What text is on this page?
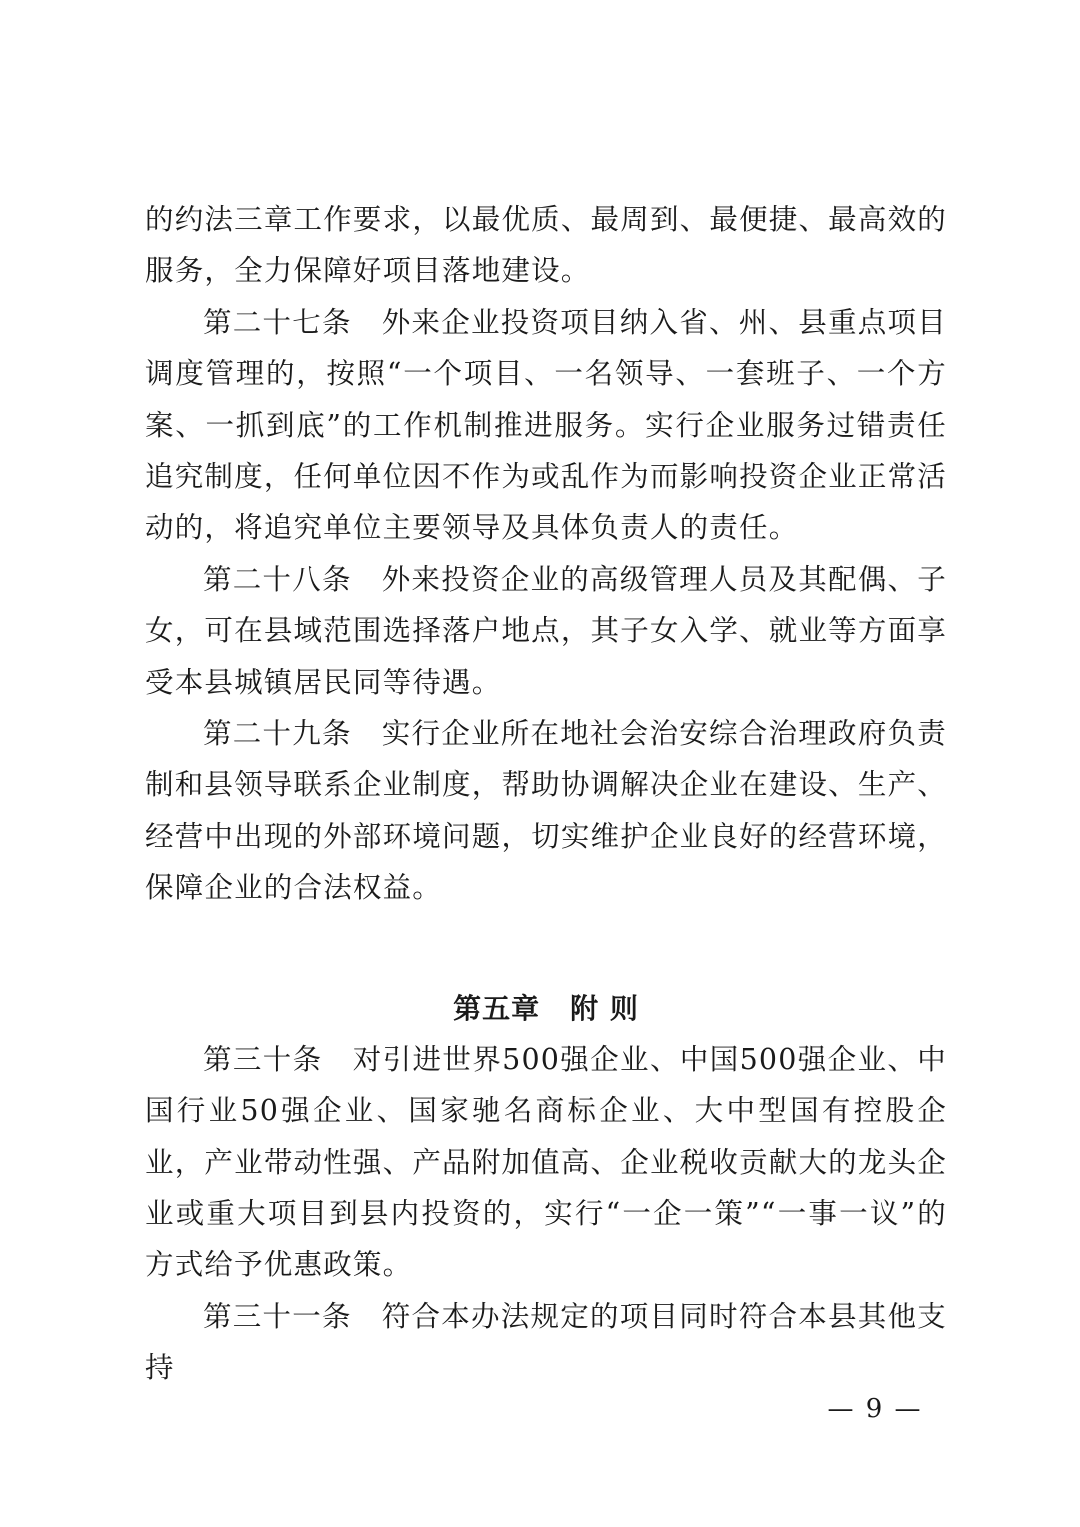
的约法三章工作要求，以最优质、最周到、最便捷、最高效的服务，全力保障好项目落地建设。

第二十七条 外来企业投资项目纳入省、州、县重点项目调度管理的，按照“一个项目、一名领导、一套班子、一个方案、一抓到底”的工作机制推进服务。实行企业服务过错责任追究制度，任何单位因不作为或乱作为而影响投资企业正常活动的，将追究单位主要领导及具体负责人的责任。

第二十八条 外来投资企业的高级管理人员及其配偶、子女，可在县域范围选择落户地点，其子女入学、就业等方面享受本县城镇居民同等待遇。

第二十九条 实行企业所在地社会治安综合治理政府负责制和县领导联系企业制度，帮助协调解决企业在建设、生产、经营中出现的外部环境问题，切实维护企业良好的经营环境，保障企业的合法权益。

第五章 附 则

第三十条 对引进世界500强企业、中国500强企业、中国行业50强企业、国家驰名商标企业、大中型国有控股企业，产业带动性强、产品附加值高、企业税收贡献大的龙头企业或重大项目到县内投资的，实行“一企一策”“一事一议”的方式给予优惠政策。

第三十一条 符合本办法规定的项目同时符合本县其他支持

— 9 —
